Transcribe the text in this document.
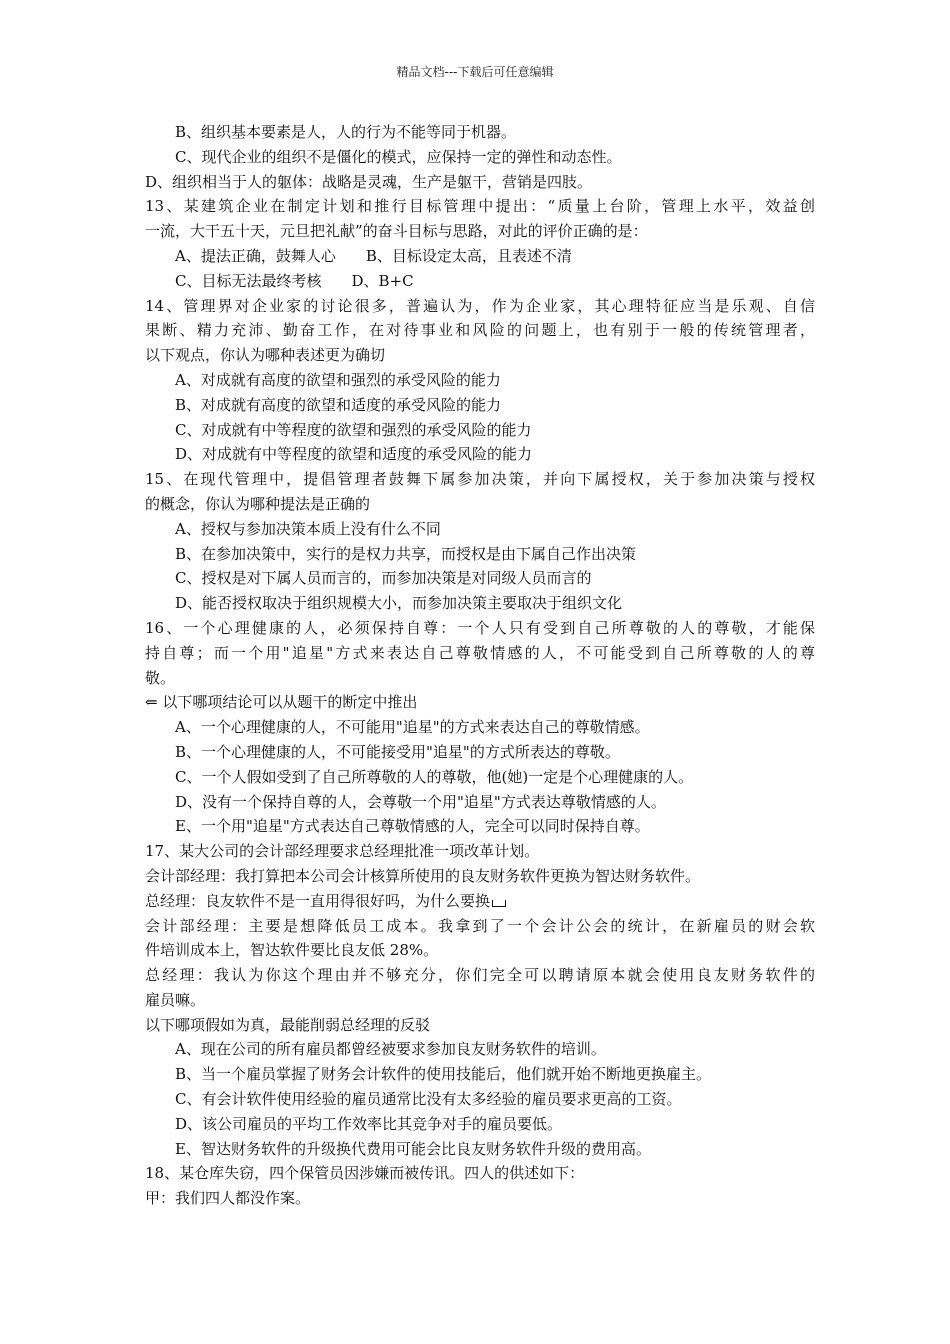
精品文档---下载后可任意编辑
B、组织基本要素是人，人的行为不能等同于机器。
C、现代企业的组织不是僵化的模式，应保持一定的弹性和动态性。
D、组织相当于人的躯体：战略是灵魂，生产是躯干，营销是四肢。
13、某建筑企业在制定计划和推行目标管理中提出：“质量上台阶，管理上水平，效益创
一流，大干五十天，元旦把礼献”的奋斗目标与思路，对此的评价正确的是：
A、提法正确，鼓舞人心　　B、目标设定太高，且表述不清
C、目标无法最终考核　　D、B+C
14、管理界对企业家的讨论很多，普遍认为，作为企业家，其心理特征应当是乐观、自信
果断、精力充沛、勤奋工作，在对待事业和风险的问题上，也有别于一般的传统管理者，
以下观点，你认为哪种表述更为确切
A、对成就有高度的欲望和强烈的承受风险的能力
B、对成就有高度的欲望和适度的承受风险的能力
C、对成就有中等程度的欲望和强烈的承受风险的能力
D、对成就有中等程度的欲望和适度的承受风险的能力
15、在现代管理中，提倡管理者鼓舞下属参加决策，并向下属授权，关于参加决策与授权
的概念，你认为哪种提法是正确的
A、授权与参加决策本质上没有什么不同
B、在参加决策中，实行的是权力共享，而授权是由下属自己作出决策
C、授权是对下属人员而言的，而参加决策是对同级人员而言的
D、能否授权取决于组织规模大小，而参加决策主要取决于组织文化
16、一个心理健康的人，必须保持自尊：一个人只有受到自己所尊敬的人的尊敬，才能保
持自尊；而一个用"追星"方式来表达自己尊敬情感的人，不可能受到自己所尊敬的人的尊
敬。
⇐ 以下哪项结论可以从题干的断定中推出
A、一个心理健康的人，不可能用"追星"的方式来表达自己的尊敬情感。
B、一个心理健康的人，不可能接受用"追星"的方式所表达的尊敬。
C、一个人假如受到了自己所尊敬的人的尊敬，他(她)一定是个心理健康的人。
D、没有一个保持自尊的人，会尊敬一个用"追星"方式表达尊敬情感的人。
E、一个用"追星"方式表达自己尊敬情感的人，完全可以同时保持自尊。
17、某大公司的会计部经理要求总经理批准一项改革计划。
会计部经理：我打算把本公司会计核算所使用的良友财务软件更换为智达财务软件。
总经理：良友软件不是一直用得很好吗，为什么要换
会计部经理：主要是想降低员工成本。我拿到了一个会计公会的统计，在新雇员的财会软
件培训成本上，智达软件要比良友低 28%。
总经理：我认为你这个理由并不够充分，你们完全可以聘请原本就会使用良友财务软件的
雇员嘛。
以下哪项假如为真，最能削弱总经理的反驳
A、现在公司的所有雇员都曾经被要求参加良友财务软件的培训。
B、当一个雇员掌握了财务会计软件的使用技能后，他们就开始不断地更换雇主。
C、有会计软件使用经验的雇员通常比没有太多经验的雇员要求更高的工资。
D、该公司雇员的平均工作效率比其竞争对手的雇员要低。
E、智达财务软件的升级换代费用可能会比良友财务软件升级的费用高。
18、某仓库失窃，四个保管员因涉嫌而被传讯。四人的供述如下：
甲：我们四人都没作案。
